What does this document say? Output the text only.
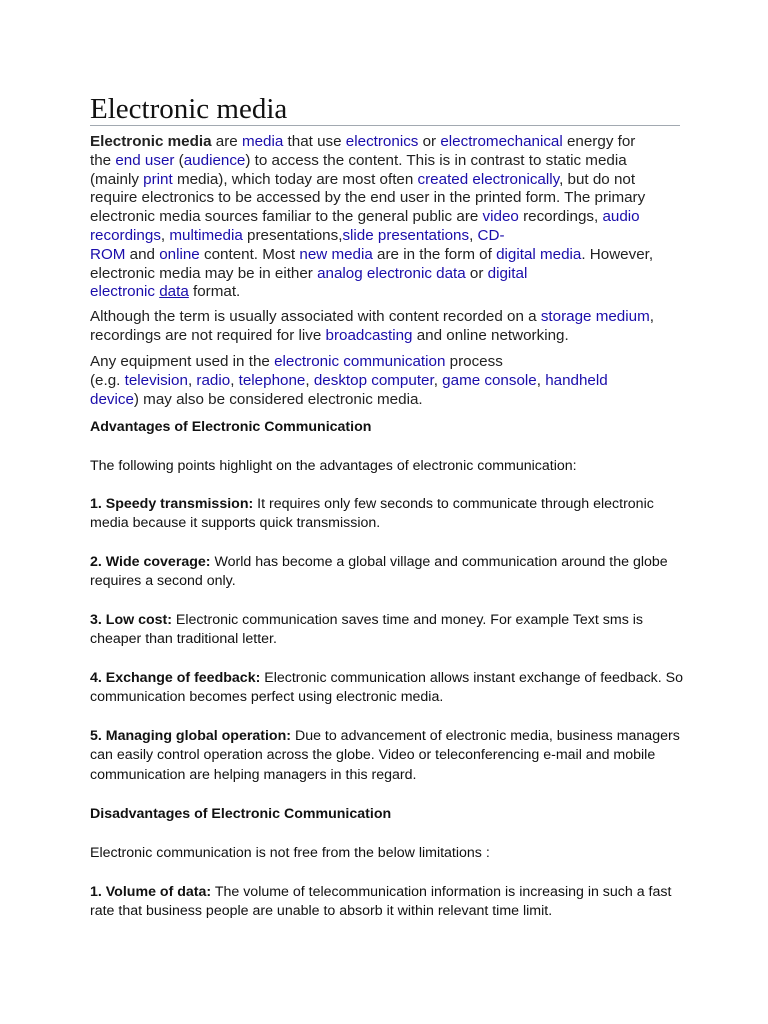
Electronic media

Electronic media are media that use electronics or electromechanical energy for
the end user (audience) to access the content. This is in contrast to static media
(mainly print media), which today are most often created electronically, but do not
require electronics to be accessed by the end user in the printed form. The primary
electronic media sources familiar to the general public are video recordings, audio
recordings, multimedia presentations,slide presentations, CD-
ROM and online content. Most new media are in the form of digital media. However,
electronic media may be in either analog electronic data or digital
electronic data format.

Although the term is usually associated with content recorded on a storage medium,
recordings are not required for live broadcasting and online networking.

Any equipment used in the electronic communication process
(e.g. television, radio, telephone, desktop computer, game console, handheld
device) may also be considered electronic media.

Advantages of Electronic Communication

The following points highlight on the advantages of electronic communication:

1. Speedy transmission: It requires only few seconds to communicate through electronic media because it supports quick transmission.

2. Wide coverage: World has become a global village and communication around the globe requires a second only.

3. Low cost: Electronic communication saves time and money. For example Text sms is cheaper than traditional letter.

4. Exchange of feedback: Electronic communication allows instant exchange of feedback. So communication becomes perfect using electronic media.

5. Managing global operation: Due to advancement of electronic media, business managers can easily control operation across the globe. Video or teleconferencing e-mail and mobile communication are helping managers in this regard.

Disadvantages of Electronic Communication

Electronic communication is not free from the below limitations :

1. Volume of data: The volume of telecommunication information is increasing in such a fast rate that business people are unable to absorb it within relevant time limit.
